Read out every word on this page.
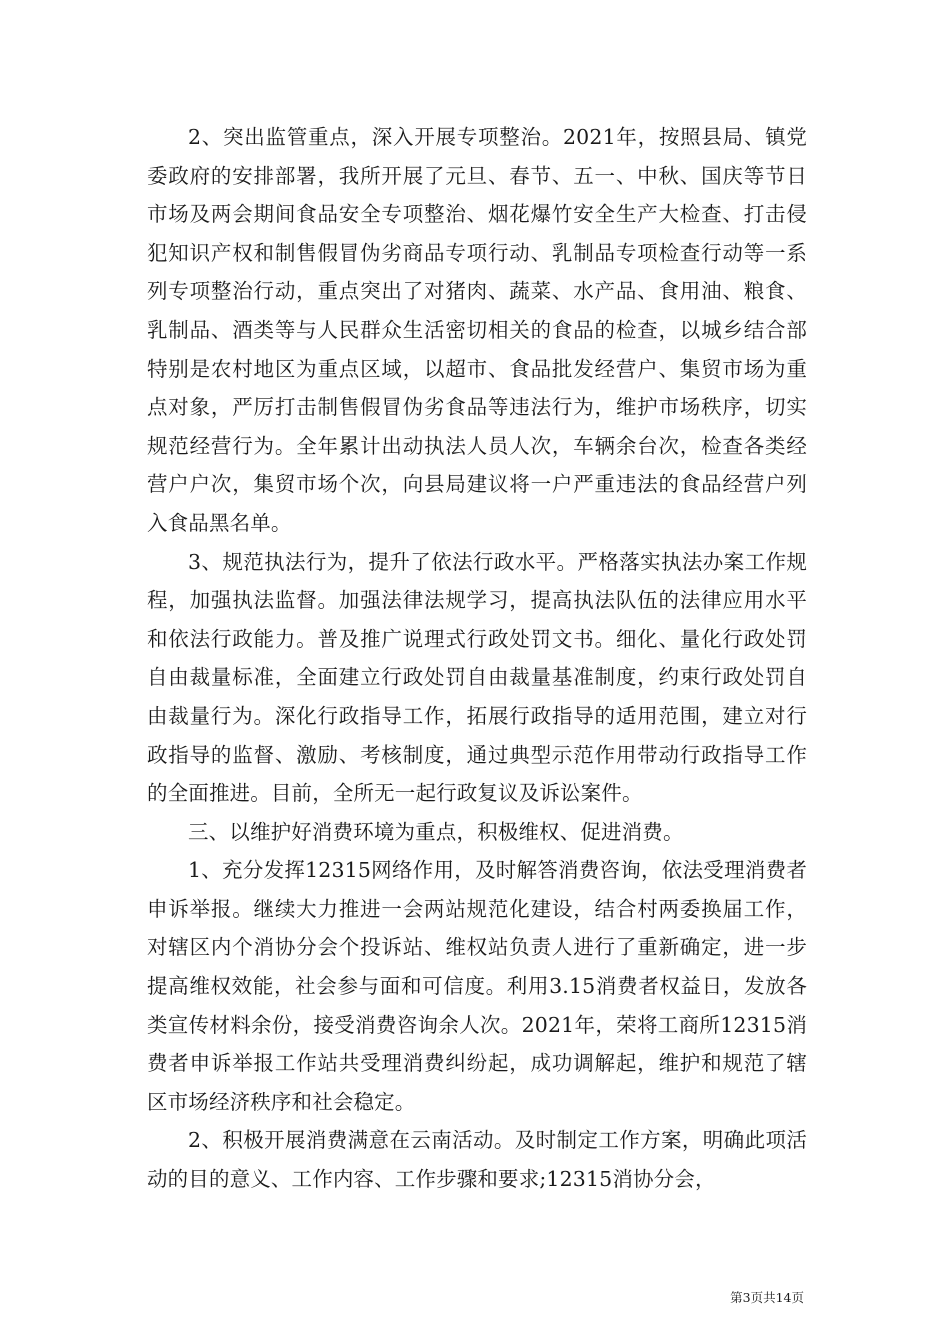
2、突出监管重点，深入开展专项整治。2021年，按照县局、镇党委政府的安排部署，我所开展了元旦、春节、五一、中秋、国庆等节日市场及两会期间食品安全专项整治、烟花爆竹安全生产大检查、打击侵犯知识产权和制售假冒伪劣商品专项行动、乳制品专项检查行动等一系列专项整治行动，重点突出了对猪肉、蔬菜、水产品、食用油、粮食、乳制品、酒类等与人民群众生活密切相关的食品的检查，以城乡结合部特别是农村地区为重点区域，以超市、食品批发经营户、集贸市场为重点对象，严厉打击制售假冒伪劣食品等违法行为，维护市场秩序，切实规范经营行为。全年累计出动执法人员人次，车辆余台次，检查各类经营户户次，集贸市场个次，向县局建议将一户严重违法的食品经营户列入食品黑名单。

3、规范执法行为，提升了依法行政水平。严格落实执法办案工作规程，加强执法监督。加强法律法规学习，提高执法队伍的法律应用水平和依法行政能力。普及推广说理式行政处罚文书。细化、量化行政处罚自由裁量标准，全面建立行政处罚自由裁量基准制度，约束行政处罚自由裁量行为。深化行政指导工作，拓展行政指导的适用范围，建立对行政指导的监督、激励、考核制度，通过典型示范作用带动行政指导工作的全面推进。目前，全所无一起行政复议及诉讼案件。

三、以维护好消费环境为重点，积极维权、促进消费。

1、充分发挥12315网络作用，及时解答消费咨询，依法受理消费者申诉举报。继续大力推进一会两站规范化建设，结合村两委换届工作，对辖区内个消协分会个投诉站、维权站负责人进行了重新确定，进一步提高维权效能，社会参与面和可信度。利用3.15消费者权益日，发放各类宣传材料余份，接受消费咨询余人次。2021年，荣将工商所12315消费者申诉举报工作站共受理消费纠纷起，成功调解起，维护和规范了辖区市场经济秩序和社会稳定。

2、积极开展消费满意在云南活动。及时制定工作方案，明确此项活动的目的意义、工作内容、工作步骤和要求;12315消协分会，

第3页共14页
